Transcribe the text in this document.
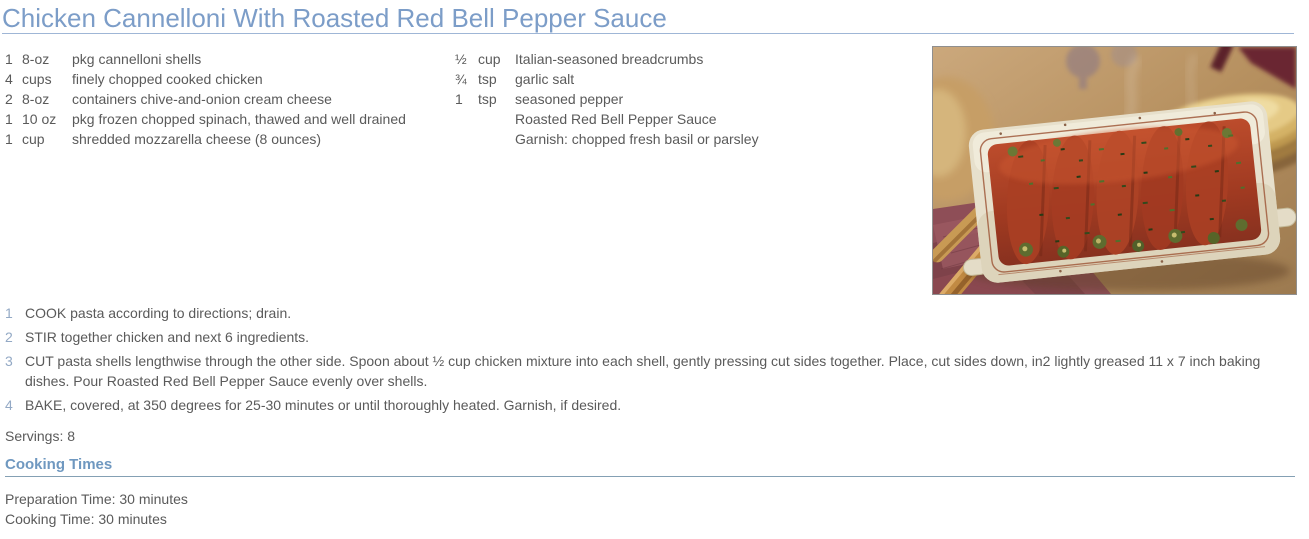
Chicken Cannelloni With Roasted Red Bell Pepper Sauce
1 8-oz	pkg cannelloni shells
4 cups	finely chopped cooked chicken
2 8-oz	containers chive-and-onion cream cheese
1 10 oz	pkg frozen chopped spinach, thawed and well drained
1 cup	shredded mozzarella cheese (8 ounces)
½ cup	Italian-seasoned breadcrumbs
¾ tsp	garlic salt
1	tsp	seasoned pepper
Roasted Red Bell Pepper Sauce
Garnish: chopped fresh basil or parsley
1 COOK pasta according to directions; drain.
2 STIR together chicken and next 6 ingredients.
3 CUT pasta shells lengthwise through the other side. Spoon about ½ cup chicken mixture into each shell, gently pressing cut sides together. Place, cut sides down, in2 lightly greased 11 x 7 inch baking dishes. Pour Roasted Red Bell Pepper Sauce evenly over shells.
4 BAKE, covered, at 350 degrees for 25-30 minutes or until thoroughly heated. Garnish, if desired.
Servings: 8
Cooking Times
Preparation Time: 30 minutes
Cooking Time: 30 minutes
